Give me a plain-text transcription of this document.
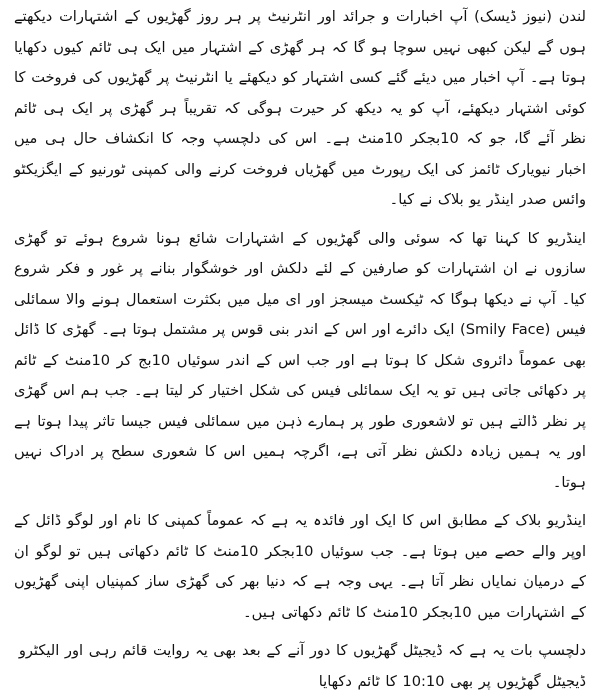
لندن (نیوز ڈیسک) آپ اخبارات و جرائد اور انٹرنیٹ پر ہر روز گھڑیوں کے اشتہارات دیکھتے ہوں گے لیکن کبھی نہیں سوچا ہو گا کہ ہر گھڑی کے اشتہار میں ایک ہی ٹائم کیوں دکھایا ہوتا ہے۔ آپ اخبار میں دیئے گئے کسی اشتہار کو دیکھئے یا انٹرنیٹ پر گھڑیوں کی فروخت کا کوئی اشتہار دیکھئے، آپ کو یہ دیکھ کر حیرت ہوگی کہ تقریباً ہر گھڑی پر ایک ہی ٹائم نظر آئے گا، جو کہ 10بجکر 10منٹ ہے۔ اس کی دلچسپ وجہ کا انکشاف حال ہی میں اخبار نیویارک ٹائمز کی ایک رپورٹ میں گھڑیاں فروخت کرنے والی کمپنی ٹورنیو کے ایگزیکٹو وائس صدر اینڈر یو بلاک نے کیا۔

اینڈریو کا کہنا تھا کہ سوئی والی گھڑیوں کے اشتہارات شائع ہونا شروع ہوئے تو گھڑی سازوں نے ان اشتہارات کو صارفین کے لئے دلکش اور خوشگوار بنانے پر غور و فکر شروع کیا۔ آپ نے دیکھا ہوگا کہ ٹیکسٹ میسجز اور ای میل میں بکثرت استعمال ہونے والا سمائلی فیس (Smily Face) ایک دائرے اور اس کے اندر بنی قوس پر مشتمل ہوتا ہے۔ گھڑی کا ڈائل بھی عموماً دائروی شکل کا ہوتا ہے اور جب اس کے اندر سوئیاں 10بج کر 10منٹ کے ٹائم پر دکھائی جاتی ہیں تو یہ ایک سمائلی فیس کی شکل اختیار کر لیتا ہے۔ جب ہم اس گھڑی پر نظر ڈالتے ہیں تو لاشعوری طور پر ہمارے ذہن میں سمائلی فیس جیسا تاثر پیدا ہوتا ہے اور یہ ہمیں زیادہ دلکش نظر آتی ہے، اگرچہ ہمیں اس کا شعوری سطح پر ادراک نہیں ہوتا۔

اینڈریو بلاک کے مطابق اس کا ایک اور فائدہ یہ ہے کہ عموماً کمپنی کا نام اور لوگو ڈائل کے اوپر والے حصے میں ہوتا ہے۔ جب سوئیاں 10بجکر 10منٹ کا ٹائم دکھاتی ہیں تو لوگو ان کے درمیان نمایاں نظر آتا ہے۔ یہی وجہ ہے کہ دنیا بھر کی گھڑی ساز کمپنیاں اپنی گھڑیوں کے اشتہارات میں 10بجکر 10منٹ کا ٹائم دکھاتی ہیں۔

دلچسپ بات یہ ہے کہ ڈیجیٹل گھڑیوں کا دور آنے کے بعد بھی یہ روایت قائم رہی اور الیکٹرو ڈیجیٹل گھڑیوں پر بھی 10:10 کا ٹائم دکھایا
